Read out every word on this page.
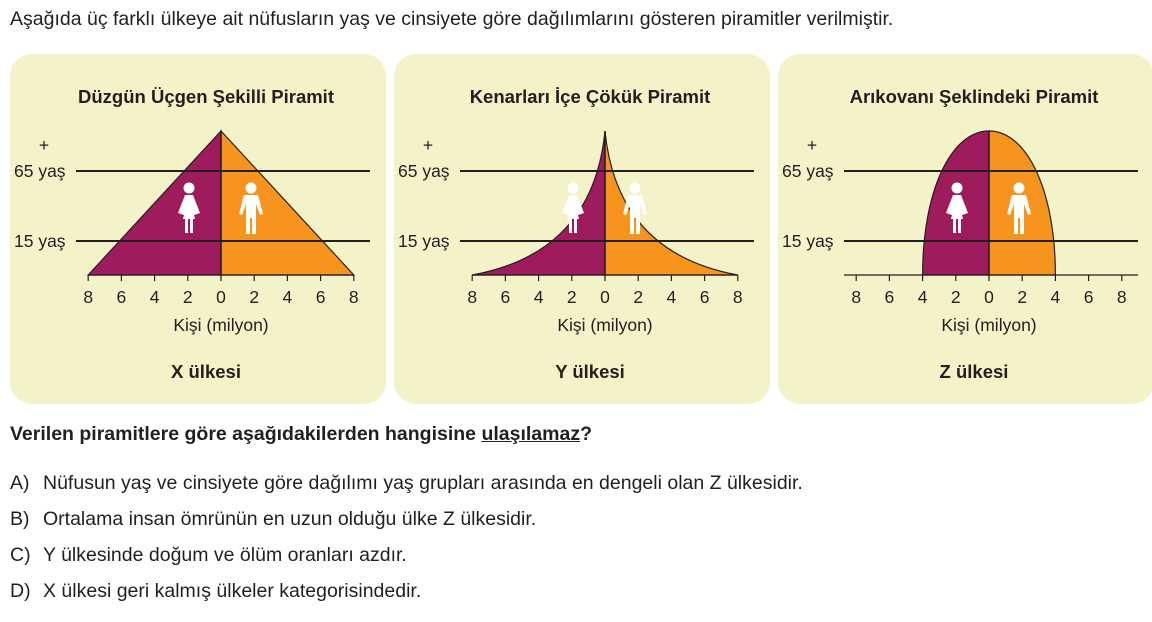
Aşağıda üç farklı ülkeye ait nüfusların yaş ve cinsiyete göre dağılımlarını gösteren piramitler verilmiştir.

Düzgün Üçgen Şekilli Piramit
+
65 yaş
15 yaş
8 6 4 2 0 2 4 6 8
Kişi (milyon)
X ülkesi
Kenarları İçe Çökük Piramit
+
65 yaş
15 yaş
8 6 4 2 0 2 4 6 8
Kişi (milyon)
Y ülkesi
Arıkovanı Şeklindeki Piramit
+
65 yaş
15 yaş
8 6 4 2 0 2 4 6 8
Kişi (milyon)
Z ülkesi

Verilen piramitlere göre aşağıdakilerden hangisine ulaşılamaz?

A) Nüfusun yaş ve cinsiyete göre dağılımı yaş grupları arasında en dengeli olan Z ülkesidir.
B) Ortalama insan ömrünün en uzun olduğu ülke Z ülkesidir.
C) Y ülkesinde doğum ve ölüm oranları azdır.
D) X ülkesi geri kalmış ülkeler kategorisindedir.
